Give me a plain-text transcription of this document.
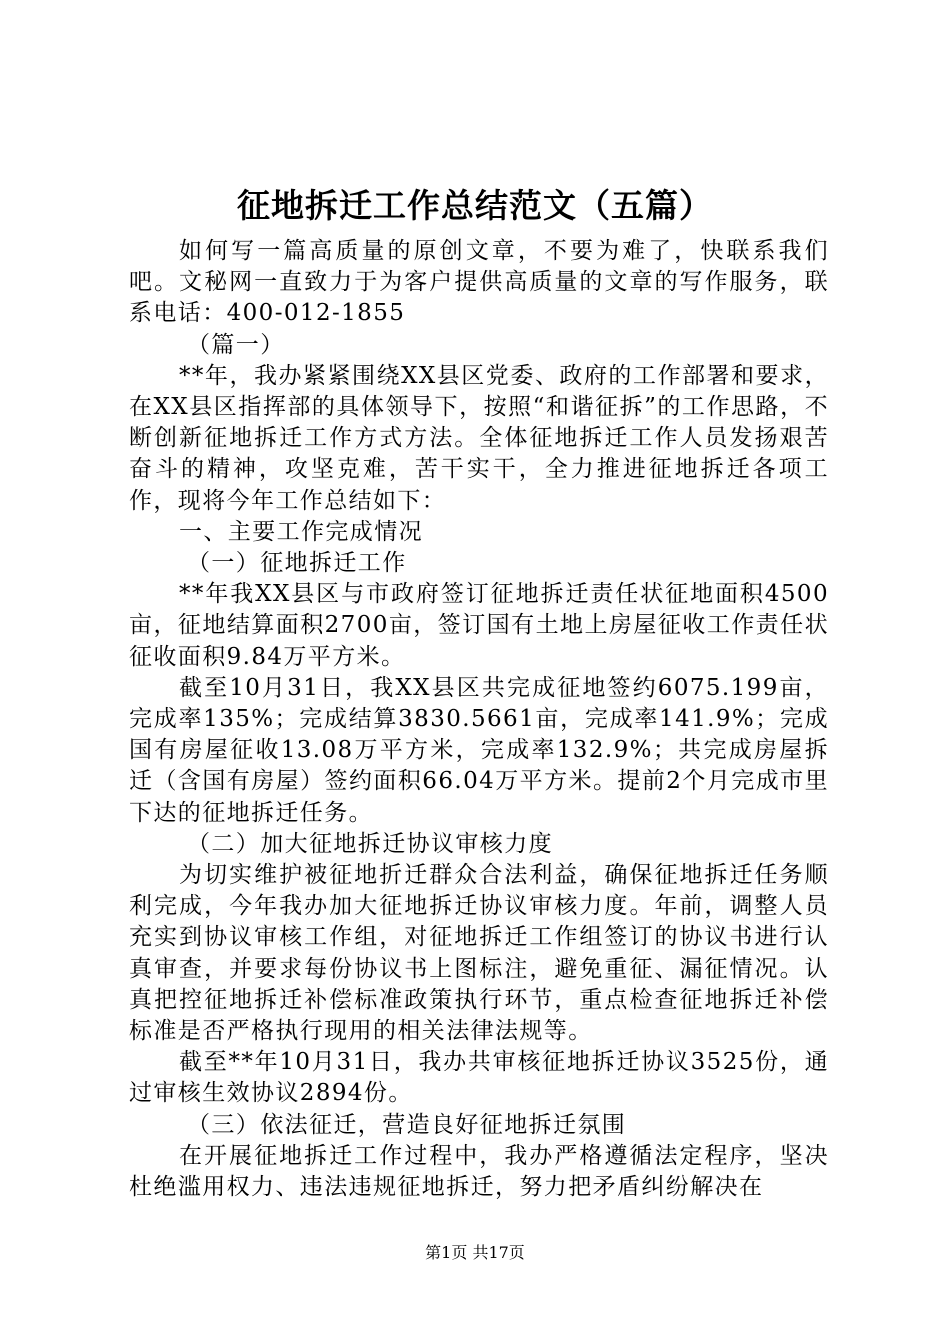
征地拆迁工作总结范文（五篇）

如何写一篇高质量的原创文章，不要为难了，快联系我们吧。文秘网一直致力于为客户提供高质量的文章的写作服务，联系电话：400-012-1855

（篇一）

**年，我办紧紧围绕XX县区党委、政府的工作部署和要求，在XX县区指挥部的具体领导下，按照“和谐征拆”的工作思路，不断创新征地拆迁工作方式方法。全体征地拆迁工作人员发扬艰苦奋斗的精神，攻坚克难，苦干实干，全力推进征地拆迁各项工作，现将今年工作总结如下：

一、主要工作完成情况

（一）征地拆迁工作

**年我XX县区与市政府签订征地拆迁责任状征地面积4500亩，征地结算面积2700亩，签订国有土地上房屋征收工作责任状征收面积9.84万平方米。

截至10月31日，我XX县区共完成征地签约6075.199亩，完成率135%；完成结算3830.5661亩，完成率141.9%；完成国有房屋征收13.08万平方米，完成率132.9%；共完成房屋拆迁（含国有房屋）签约面积66.04万平方米。提前2个月完成市里下达的征地拆迁任务。

（二）加大征地拆迁协议审核力度

为切实维护被征地折迁群众合法利益，确保征地拆迁任务顺利完成，今年我办加大征地拆迁协议审核力度。年前，调整人员充实到协议审核工作组，对征地拆迁工作组签订的协议书进行认真审查，并要求每份协议书上图标注，避免重征、漏征情况。认真把控征地拆迁补偿标准政策执行环节，重点检查征地拆迁补偿标准是否严格执行现用的相关法律法规等。

截至**年10月31日，我办共审核征地拆迁协议3525份，通过审核生效协议2894份。

（三）依法征迁，营造良好征地拆迁氛围

在开展征地拆迁工作过程中，我办严格遵循法定程序，坚决杜绝滥用权力、违法违规征地拆迁，努力把矛盾纠纷解决在

第1页 共17页
